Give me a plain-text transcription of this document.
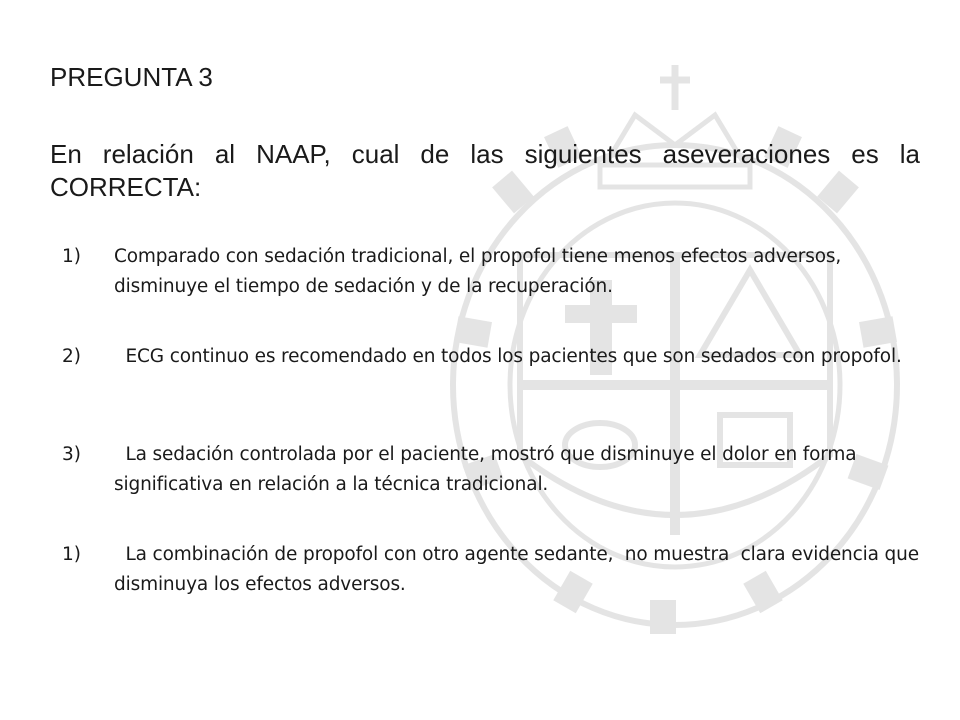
PREGUNTA 3

En relación al NAAP, cual de las siguientes aseveraciones es la CORRECTA:

1) Comparado con sedación tradicional, el propofol tiene menos efectos adversos, disminuye el tiempo de sedación y de la recuperación.
2) ECG continuo es recomendado en todos los pacientes que son sedados con propofol.
3) La sedación controlada por el paciente, mostró que disminuye el dolor en forma significativa en relación a la técnica tradicional.
1) La combinación de propofol con otro agente sedante,  no muestra  clara evidencia que   disminuya los efectos adversos.
